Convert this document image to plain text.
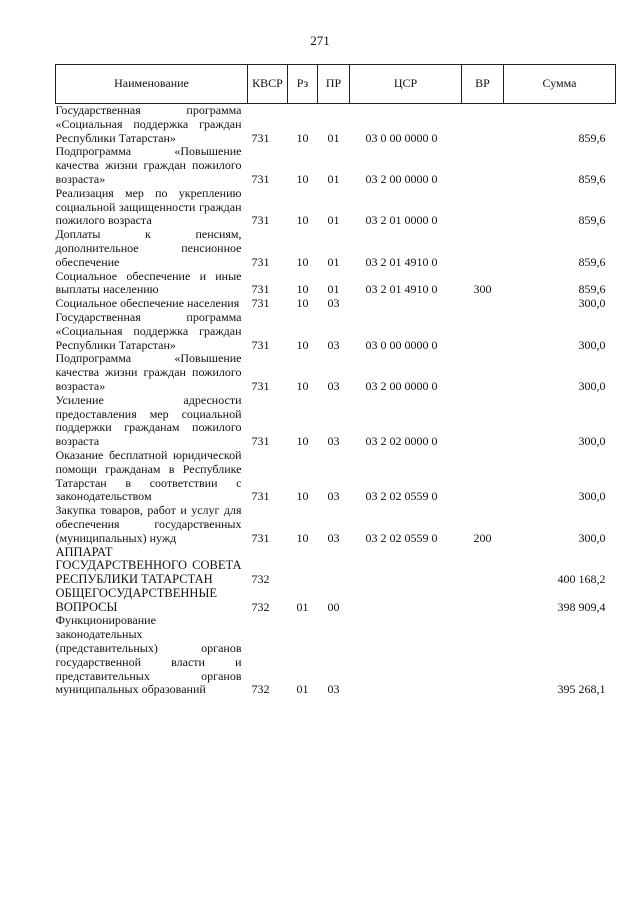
271
Наименование	КВСР	Рз	ПР	ЦСР	ВР	Сумма
Государственная программа «Социальная поддержка граждан Республики Татарстан»	731	10	01	03 0 00 0000 0		859,6
Подпрограмма «Повышение качества жизни граждан пожилого возраста»	731	10	01	03 2 00 0000 0		859,6
Реализация мер по укреплению социальной защищенности граждан пожилого возраста	731	10	01	03 2 01 0000 0		859,6
Доплаты к пенсиям, дополнительное пенсионное обеспечение	731	10	01	03 2 01 4910 0		859,6
Социальное обеспечение и иные выплаты населению	731	10	01	03 2 01 4910 0	300	859,6
Социальное обеспечение населения	731	10	03			300,0
Государственная программа «Социальная поддержка граждан Республики Татарстан»	731	10	03	03 0 00 0000 0		300,0
Подпрограмма «Повышение качества жизни граждан пожилого возраста»	731	10	03	03 2 00 0000 0		300,0
Усиление адресности предоставления мер социальной поддержки гражданам пожилого возраста	731	10	03	03 2 02 0000 0		300,0
Оказание бесплатной юридической помощи гражданам в Республике Татарстан в соответствии с законодательством	731	10	03	03 2 02 0559 0		300,0
Закупка товаров, работ и услуг для обеспечения государственных (муниципальных) нужд	731	10	03	03 2 02 0559 0	200	300,0
АППАРАТ ГОСУДАРСТВЕННОГО СОВЕТА РЕСПУБЛИКИ ТАТАРСТАН	732					400 168,2
ОБЩЕГОСУДАРСТВЕННЫЕ ВОПРОСЫ	732	01	00			398 909,4
Функционирование законодательных (представительных) органов государственной власти и представительных органов муниципальных образований	732	01	03			395 268,1
